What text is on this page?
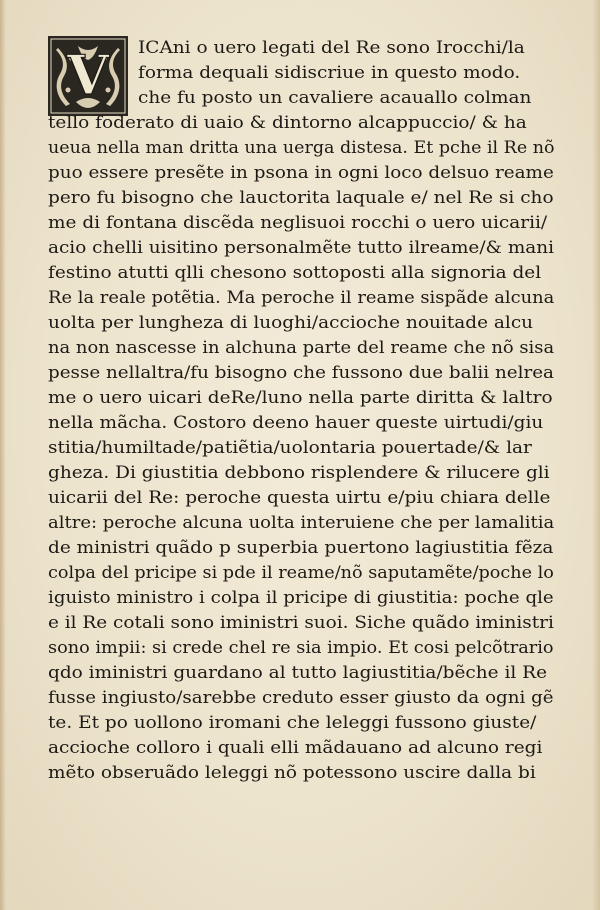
V ICAni o uero legati del Re sono Irocchi/la
forma dequali sidiscriue in questo modo.
che fu posto un cavaliere acauallo colman
tello foderato di uaio & dintorno alcappuccio/ & ha
ueua nella man dritta una uerga distesa. Et pche il Re nõ
puo essere presẽte in psona in ogni loco delsuo reame
pero fu bisogno che lauctorita laquale e/ nel Re si cho
me di fontana discẽda neglisuoi rocchi o uero uicarii/
acio chelli uisitino personalmẽte tutto ilreame/& mani
festino atutti qlli chesono sottoposti alla signoria del
Re la reale potẽtia. Ma peroche il reame sispãde alcuna
uolta per lungheza di luoghi/accioche nouitade alcu
na non nascesse in alchuna parte del reame che nõ sisa
pesse nellaltra/fu bisogno che fussono due balii nelrea
me o uero uicari deRe/luno nella parte diritta & laltro
nella mãcha. Costoro deeno hauer queste uirtudi/giu
stitia/humiltade/patiẽtia/uolontaria pouertade/& lar
gheza. Di giustitia debbono risplendere & rilucere gli
uicarii del Re: peroche questa uirtu e/piu chiara delle
altre: peroche alcuna uolta interuiene che per lamalitia
de ministri quãdo p superbia puertono lagiustitia fẽza
colpa del pricipe si pde il reame/nõ saputamẽte/poche lo
iguisto ministro i colpa il pricipe di giustitia: poche qle
e il Re cotali sono iministri suoi. Siche quãdo iministri
sono impii: si crede chel re sia impio. Et cosi pelcõtrario
qdo iministri guardano al tutto lagiustitia/bẽche il Re
fusse ingiusto/sarebbe creduto esser giusto da ogni gẽ
te. Et po uollono iromani che leleggi fussono giuste/
accioche colloro i quali elli mãdauano ad alcuno regi
mẽto obseruãdo leleggi nõ potessono uscire dalla bi
